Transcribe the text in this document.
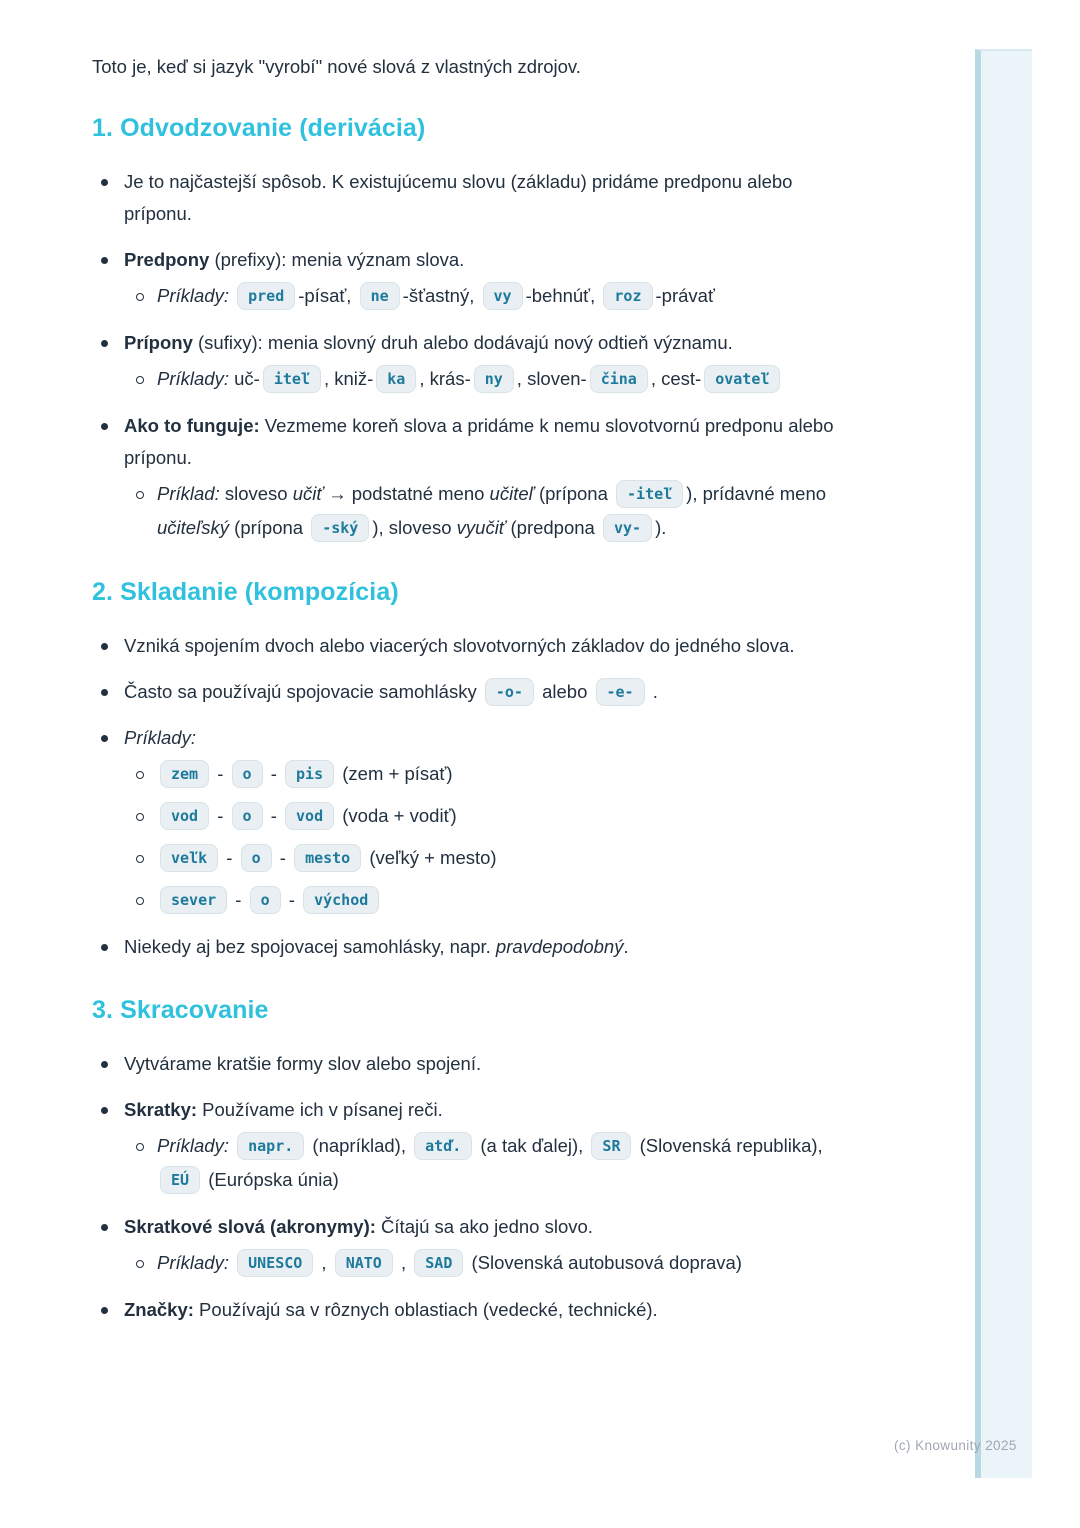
(c) Knowunity 2025

Toto je, keď si jazyk "vyrobí" nové slová z vlastných zdrojov.

1. Odvodzovanie (derivácia)
Je to najčastejší spôsob. K existujúcemu slovu (základu) pridáme predponu alebo príponu.
Predpony (prefixy): menia význam slova.
Príklady: pred -písať, ne -šťastný, vy -behnúť, roz -právať
Prípony (sufixy): menia slovný druh alebo dodávajú nový odtieň významu.
Príklady: uč- iteľ , kniž- ka , krás- ny , sloven- čina , cest- ovateľ
Ako to funguje: Vezmeme koreň slova a pridáme k nemu slovotvornú predponu alebo príponu.
Príklad: sloveso učiť → podstatné meno učiteľ (prípona -iteľ ), prídavné meno učiteľský (prípona -ský ), sloveso vyučiť (predpona vy- ).
2. Skladanie (kompozícia)
Vzniká spojením dvoch alebo viacerých slovotvorných základov do jedného slova.
Často sa používajú spojovacie samohlásky -o- alebo -e- .
Príklady:
zem - o - pis (zem + písať)
vod - o - vod (voda + vodiť)
veľk - o - mesto (veľký + mesto)
sever - o - východ
Niekedy aj bez spojovacej samohlásky, napr. pravdepodobný.
3. Skracovanie
Vytvárame kratšie formy slov alebo spojení.
Skratky: Používame ich v písanej reči.
Príklady: napr. (napríklad), atď. (a tak ďalej), SR (Slovenská republika), EÚ (Európska únia)
Skratkové slová (akronymy): Čítajú sa ako jedno slovo.
Príklady: UNESCO , NATO , SAD (Slovenská autobusová doprava)
Značky: Používajú sa v rôznych oblastiach (vedecké, technické).
